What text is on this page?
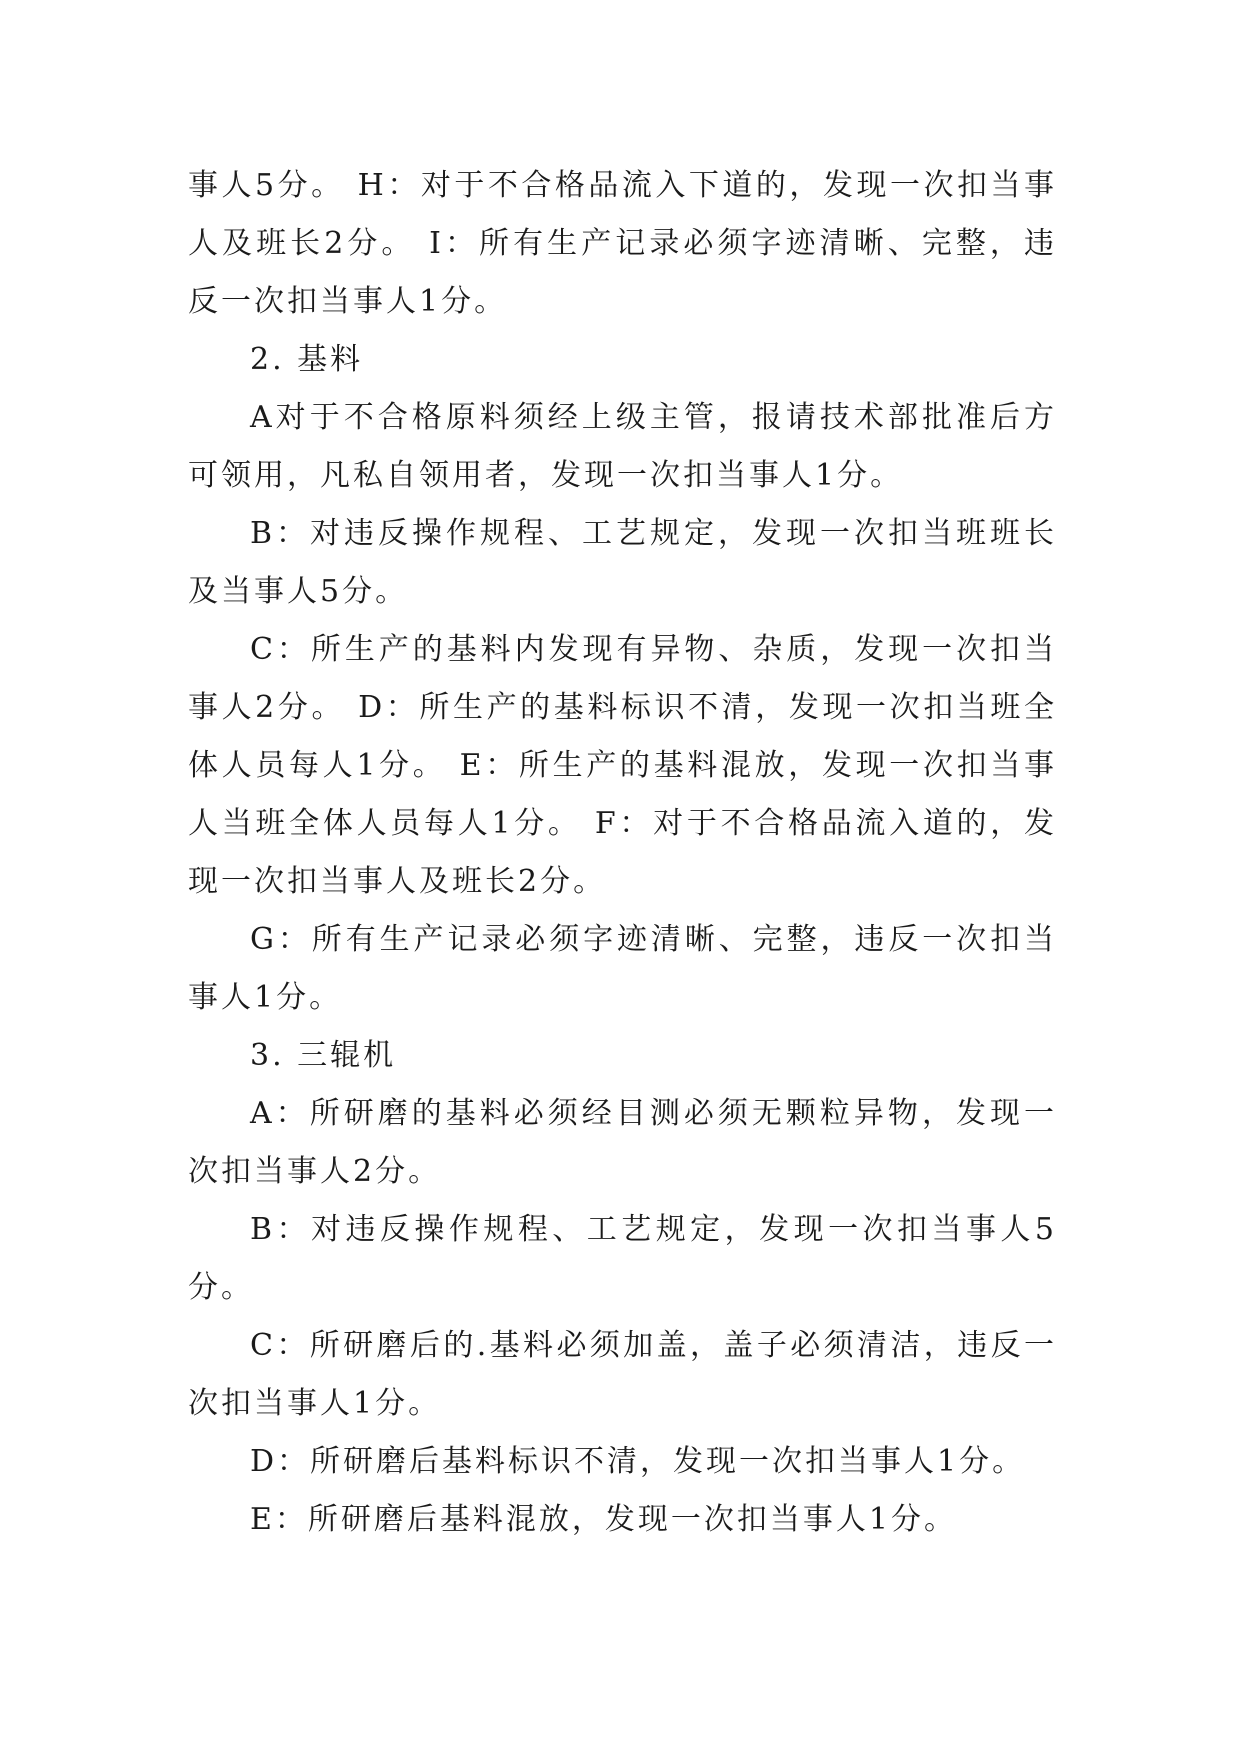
事人5分。 H：对于不合格品流入下道的，发现一次扣当事
人及班长2分。 I：所有生产记录必须字迹清晰、完整，违
反一次扣当事人1分。
2. 基料
A对于不合格原料须经上级主管，报请技术部批准后方
可领用，凡私自领用者，发现一次扣当事人1分。
B：对违反操作规程、工艺规定，发现一次扣当班班长
及当事人5分。
C：所生产的基料内发现有异物、杂质，发现一次扣当
事人2分。 D：所生产的基料标识不清，发现一次扣当班全
体人员每人1分。 E：所生产的基料混放，发现一次扣当事
人当班全体人员每人1分。 F：对于不合格品流入道的，发
现一次扣当事人及班长2分。
G：所有生产记录必须字迹清晰、完整，违反一次扣当
事人1分。
3. 三辊机
A：所研磨的基料必须经目测必须无颗粒异物，发现一
次扣当事人2分。
B：对违反操作规程、工艺规定，发现一次扣当事人5
分。
C：所研磨后的.基料必须加盖，盖子必须清洁，违反一
次扣当事人1分。
D：所研磨后基料标识不清，发现一次扣当事人1分。
E：所研磨后基料混放，发现一次扣当事人1分。
